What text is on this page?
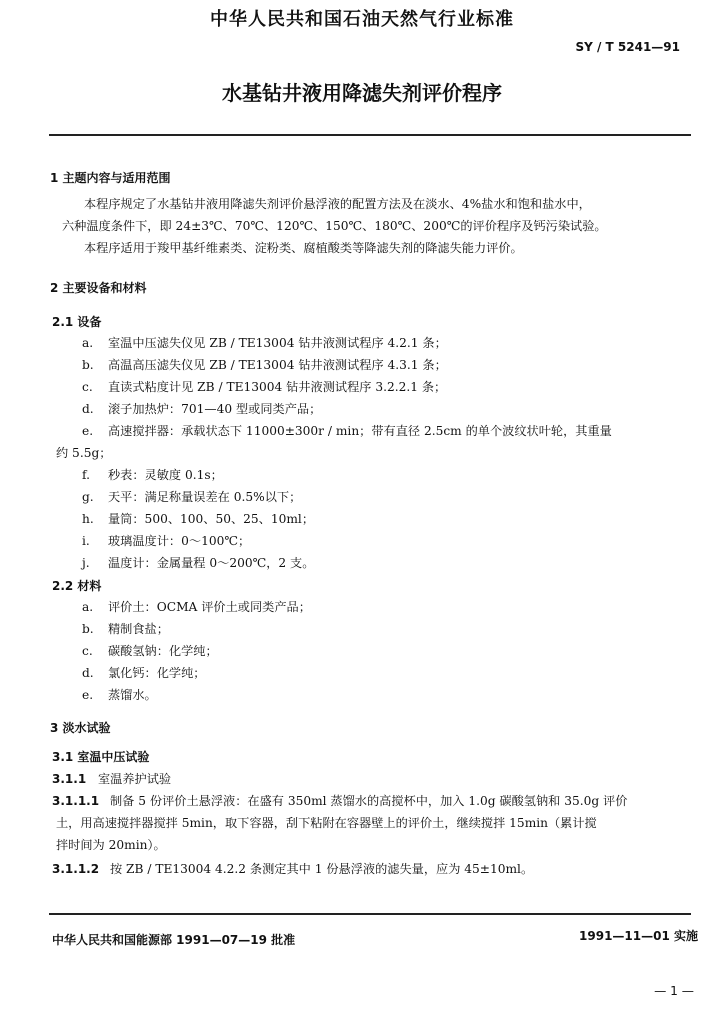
中华人民共和国石油天然气行业标准
SY / T 5241—91
水基钻井液用降滤失剂评价程序
1 主题内容与适用范围
本程序规定了水基钻井液用降滤失剂评价悬浮液的配置方法及在淡水、4%盐水和饱和盐水中，
六种温度条件下，即 24±3℃、70℃、120℃、150℃、180℃、200℃的评价程序及钙污染试验。
本程序适用于羧甲基纤维素类、淀粉类、腐植酸类等降滤失剂的降滤失能力评价。
2 主要设备和材料
2.1 设备
a. 室温中压滤失仪见 ZB / TE13004 钻井液测试程序 4.2.1 条；
b. 高温高压滤失仪见 ZB / TE13004 钻井液测试程序 4.3.1 条；
c. 直读式粘度计见 ZB / TE13004 钻井液测试程序 3.2.2.1 条；
d. 滚子加热炉：701—40 型或同类产品；
e. 高速搅拌器：承载状态下 11000±300r / min；带有直径 2.5cm 的单个波纹状叶轮，其重量
约 5.5g；
f. 秒表：灵敏度 0.1s；
g. 天平：满足称量误差在 0.5%以下；
h. 量筒：500、100、50、25、10ml；
i. 玻璃温度计：0～100℃；
j. 温度计：金属量程 0～200℃，2 支。
2.2 材料
a. 评价土：OCMA 评价土或同类产品；
b. 精制食盐；
c. 碳酸氢钠：化学纯；
d. 氯化钙：化学纯；
e. 蒸馏水。
3 淡水试验
3.1 室温中压试验
3.1.1 室温养护试验
3.1.1.1 制备 5 份评价土悬浮液：在盛有 350ml 蒸馏水的高搅杯中，加入 1.0g 碳酸氢钠和 35.0g 评价
土，用高速搅拌器搅拌 5min，取下容器，刮下粘附在容器壁上的评价土，继续搅拌 15min（累计搅
拌时间为 20min）。
3.1.1.2 按 ZB / TE13004 4.2.2 条测定其中 1 份悬浮液的滤失量，应为 45±10ml。
中华人民共和国能源部 1991—07—19 批准	1991—11—01 实施
— 1 —
